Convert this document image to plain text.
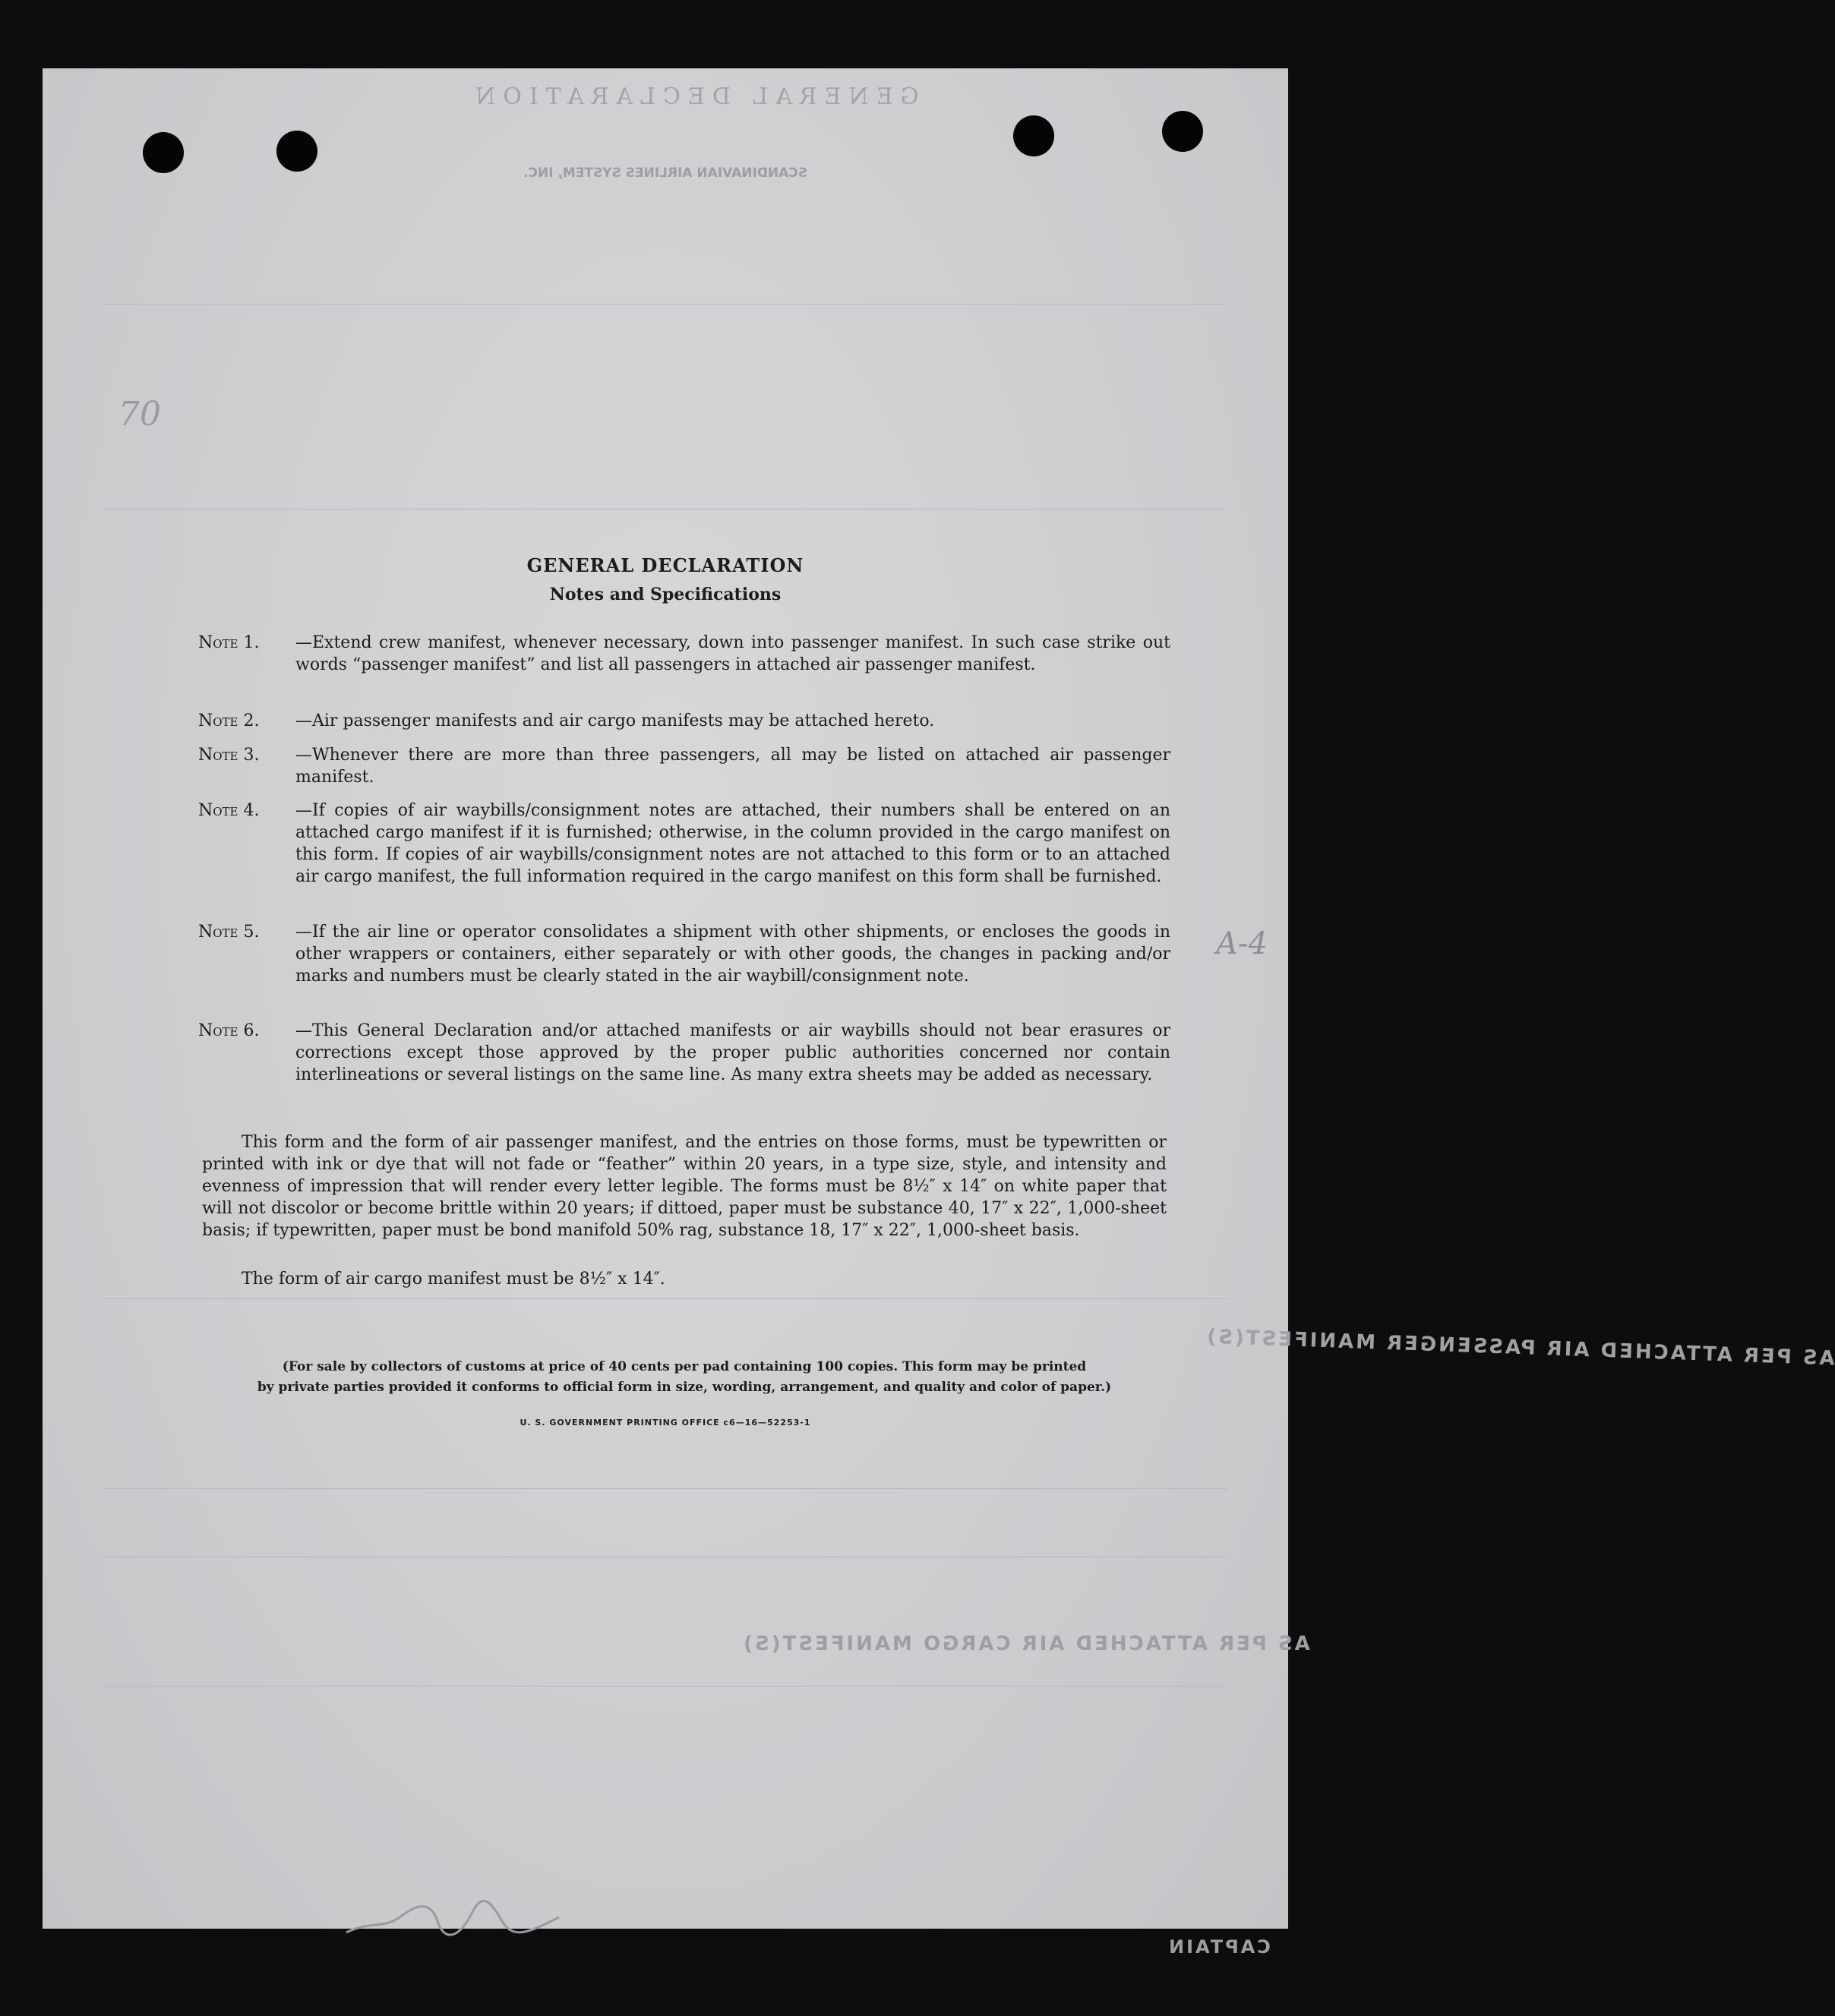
GENERAL DECLARATION
SCANDINAVIAN AIRLINES SYSTEM, INC.
70
AS PER ATTACHED AIR PASSENGER MANIFEST(S)
AS PER ATTACHED AIR CARGO MANIFEST(S)
CAPTAIN
A-4
GENERAL DECLARATION
Notes and Specifications
Note 1. —Extend crew manifest, whenever necessary, down into passenger manifest. In such case strike out words “passenger manifest” and list all passengers in attached air passenger manifest.
Note 2. —Air passenger manifests and air cargo manifests may be attached hereto.
Note 3. —Whenever there are more than three passengers, all may be listed on attached air passenger manifest.
Note 4. —If copies of air waybills/consignment notes are attached, their numbers shall be entered on an attached cargo manifest if it is furnished; otherwise, in the column provided in the cargo manifest on this form. If copies of air waybills/consignment notes are not attached to this form or to an attached air cargo manifest, the full information required in the cargo manifest on this form shall be furnished.
Note 5. —If the air line or operator consolidates a shipment with other shipments, or encloses the goods in other wrappers or containers, either separately or with other goods, the changes in packing and/or marks and numbers must be clearly stated in the air waybill/consignment note.
Note 6. —This General Declaration and/or attached manifests or air waybills should not bear erasures or corrections except those approved by the proper public authorities concerned nor contain interlineations or several listings on the same line. As many extra sheets may be added as necessary.
This form and the form of air passenger manifest, and the entries on those forms, must be typewritten or printed with ink or dye that will not fade or “feather” within 20 years, in a type size, style, and intensity and evenness of impression that will render every letter legible. The forms must be 8½″ x 14″ on white paper that will not discolor or become brittle within 20 years; if dittoed, paper must be substance 40, 17″ x 22″, 1,000-sheet basis; if typewritten, paper must be bond manifold 50% rag, substance 18, 17″ x 22″, 1,000-sheet basis.
The form of air cargo manifest must be 8½″ x 14″.
(For sale by collectors of customs at price of 40 cents per pad containing 100 copies. This form may be printed
by private parties provided it conforms to official form in size, wording, arrangement, and quality and color of paper.)
U. S. GOVERNMENT PRINTING OFFICE c6—16—52253-1
